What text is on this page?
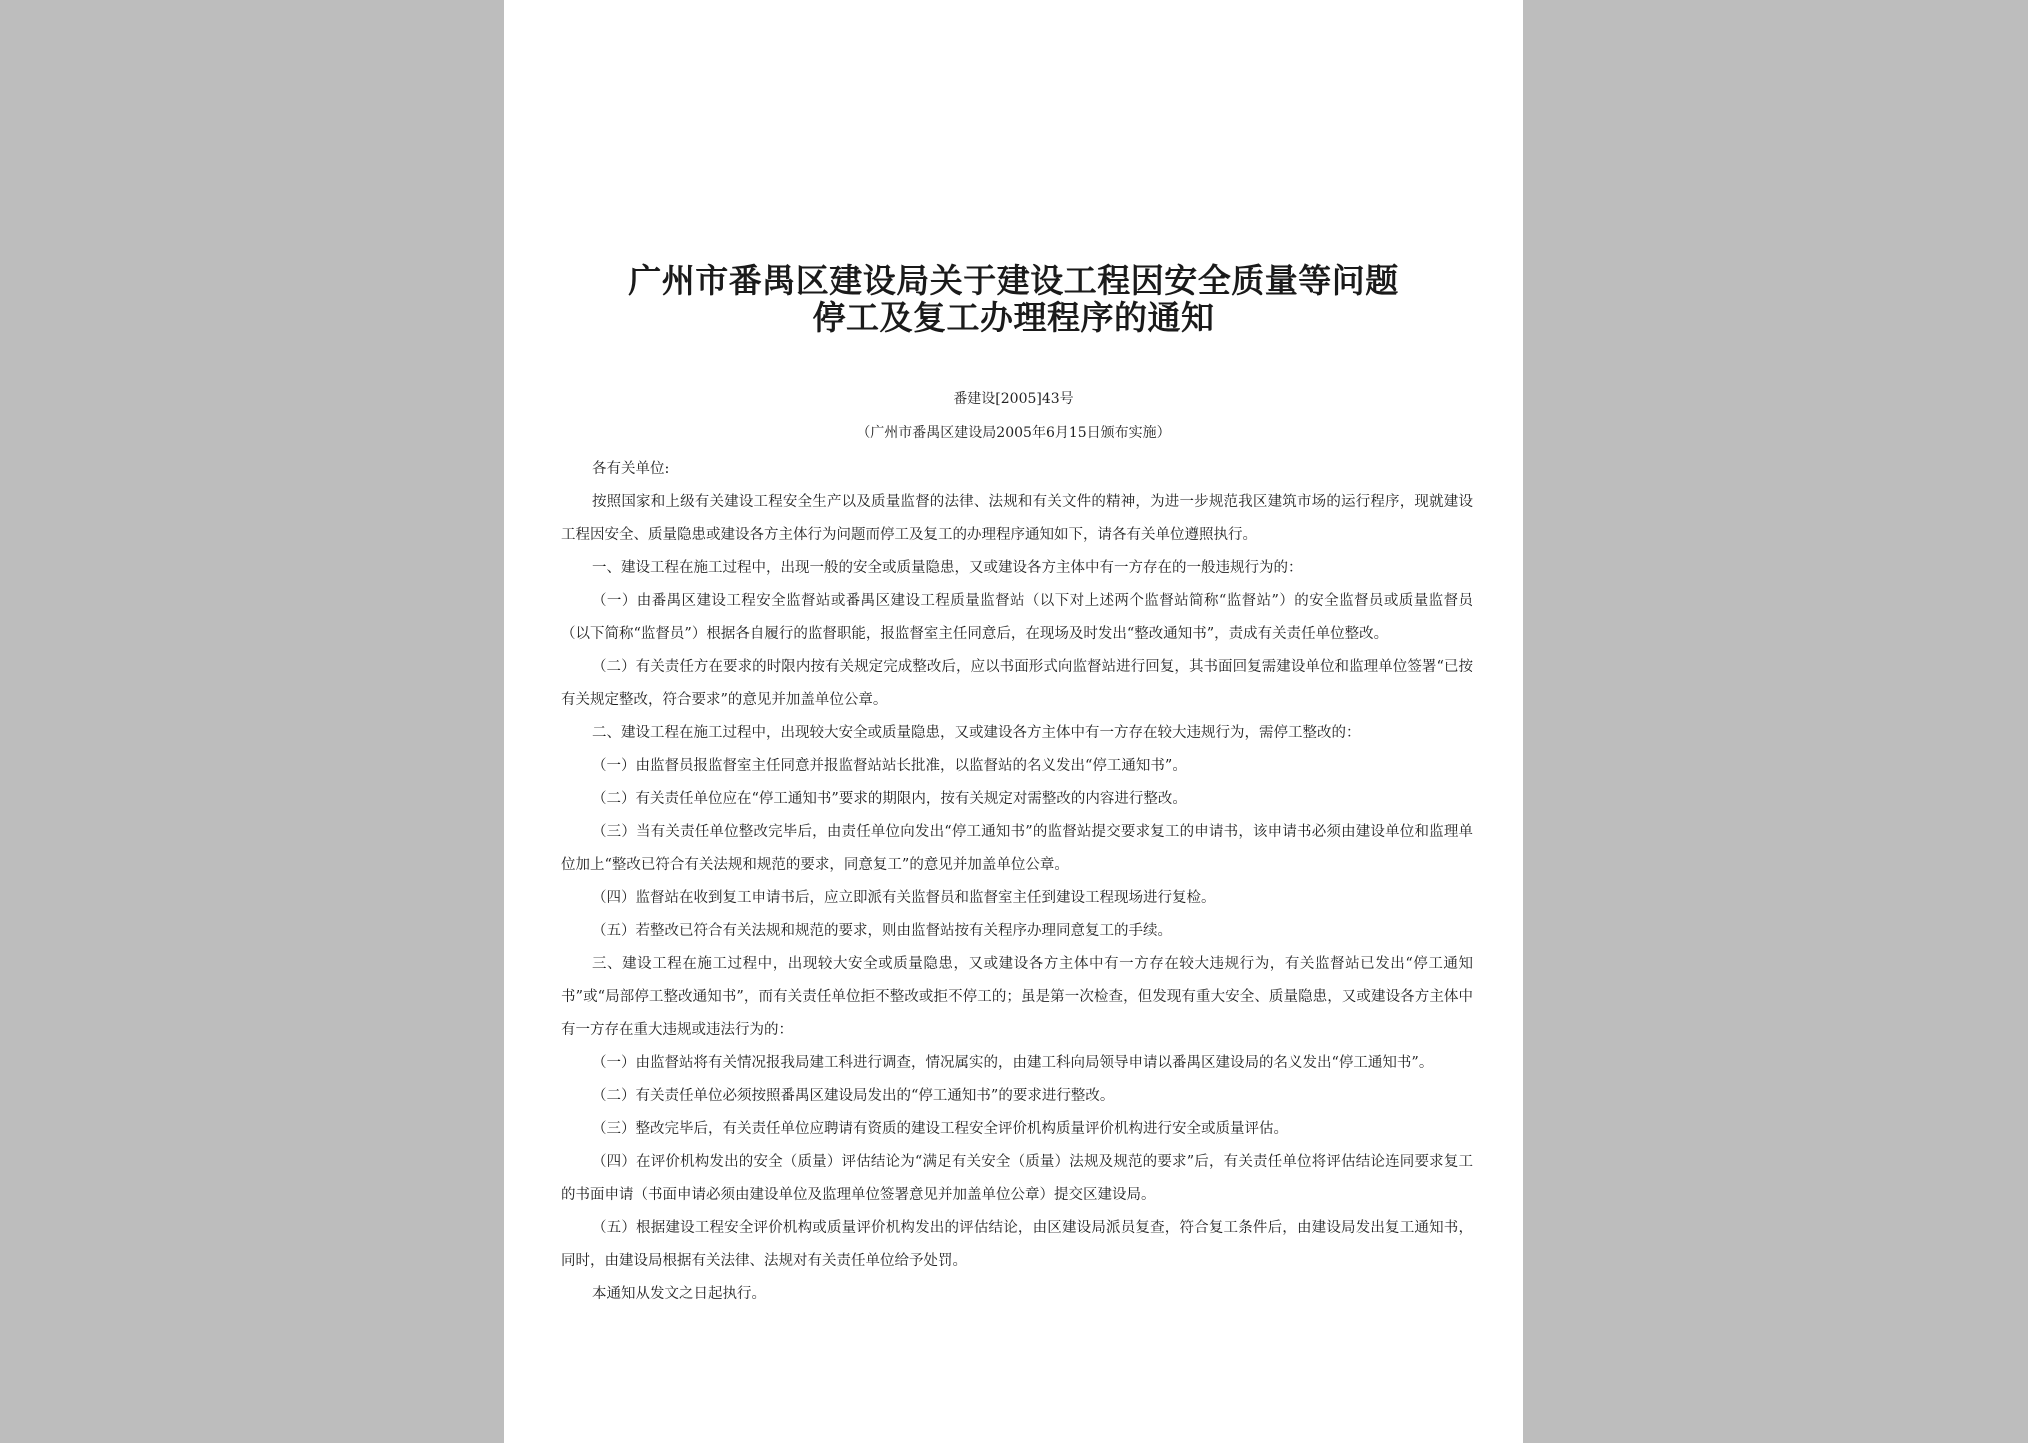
广州市番禺区建设局关于建设工程因安全质量等问题
停工及复工办理程序的通知
番建设[2005]43号
（广州市番禺区建设局2005年6月15日颁布实施）

各有关单位:

按照国家和上级有关建设工程安全生产以及质量监督的法律、法规和有关文件的精神，为进一步规范我区建筑市场的运行程序，现就建设工程因安全、质量隐患或建设各方主体行为问题而停工及复工的办理程序通知如下，请各有关单位遵照执行。

一、建设工程在施工过程中，出现一般的安全或质量隐患，又或建设各方主体中有一方存在的一般违规行为的：

（一）由番禺区建设工程安全监督站或番禺区建设工程质量监督站（以下对上述两个监督站简称“监督站”）的安全监督员或质量监督员（以下简称“监督员”）根据各自履行的监督职能，报监督室主任同意后，在现场及时发出“整改通知书”，责成有关责任单位整改。

（二）有关责任方在要求的时限内按有关规定完成整改后，应以书面形式向监督站进行回复，其书面回复需建设单位和监理单位签署“已按有关规定整改，符合要求”的意见并加盖单位公章。

二、建设工程在施工过程中，出现较大安全或质量隐患，又或建设各方主体中有一方存在较大违规行为，需停工整改的：

（一）由监督员报监督室主任同意并报监督站站长批准，以监督站的名义发出“停工通知书”。

（二）有关责任单位应在“停工通知书”要求的期限内，按有关规定对需整改的内容进行整改。

（三）当有关责任单位整改完毕后，由责任单位向发出“停工通知书”的监督站提交要求复工的申请书，该申请书必须由建设单位和监理单位加上“整改已符合有关法规和规范的要求，同意复工”的意见并加盖单位公章。

（四）监督站在收到复工申请书后，应立即派有关监督员和监督室主任到建设工程现场进行复检。

（五）若整改已符合有关法规和规范的要求，则由监督站按有关程序办理同意复工的手续。

三、建设工程在施工过程中，出现较大安全或质量隐患，又或建设各方主体中有一方存在较大违规行为，有关监督站已发出“停工通知书”或“局部停工整改通知书”，而有关责任单位拒不整改或拒不停工的；虽是第一次检查，但发现有重大安全、质量隐患，又或建设各方主体中有一方存在重大违规或违法行为的：

（一）由监督站将有关情况报我局建工科进行调查，情况属实的，由建工科向局领导申请以番禺区建设局的名义发出“停工通知书”。

（二）有关责任单位必须按照番禺区建设局发出的“停工通知书”的要求进行整改。

（三）整改完毕后，有关责任单位应聘请有资质的建设工程安全评价机构质量评价机构进行安全或质量评估。

（四）在评价机构发出的安全（质量）评估结论为“满足有关安全（质量）法规及规范的要求”后，有关责任单位将评估结论连同要求复工的书面申请（书面申请必须由建设单位及监理单位签署意见并加盖单位公章）提交区建设局。

（五）根据建设工程安全评价机构或质量评价机构发出的评估结论，由区建设局派员复查，符合复工条件后，由建设局发出复工通知书，同时，由建设局根据有关法律、法规对有关责任单位给予处罚。

本通知从发文之日起执行。
